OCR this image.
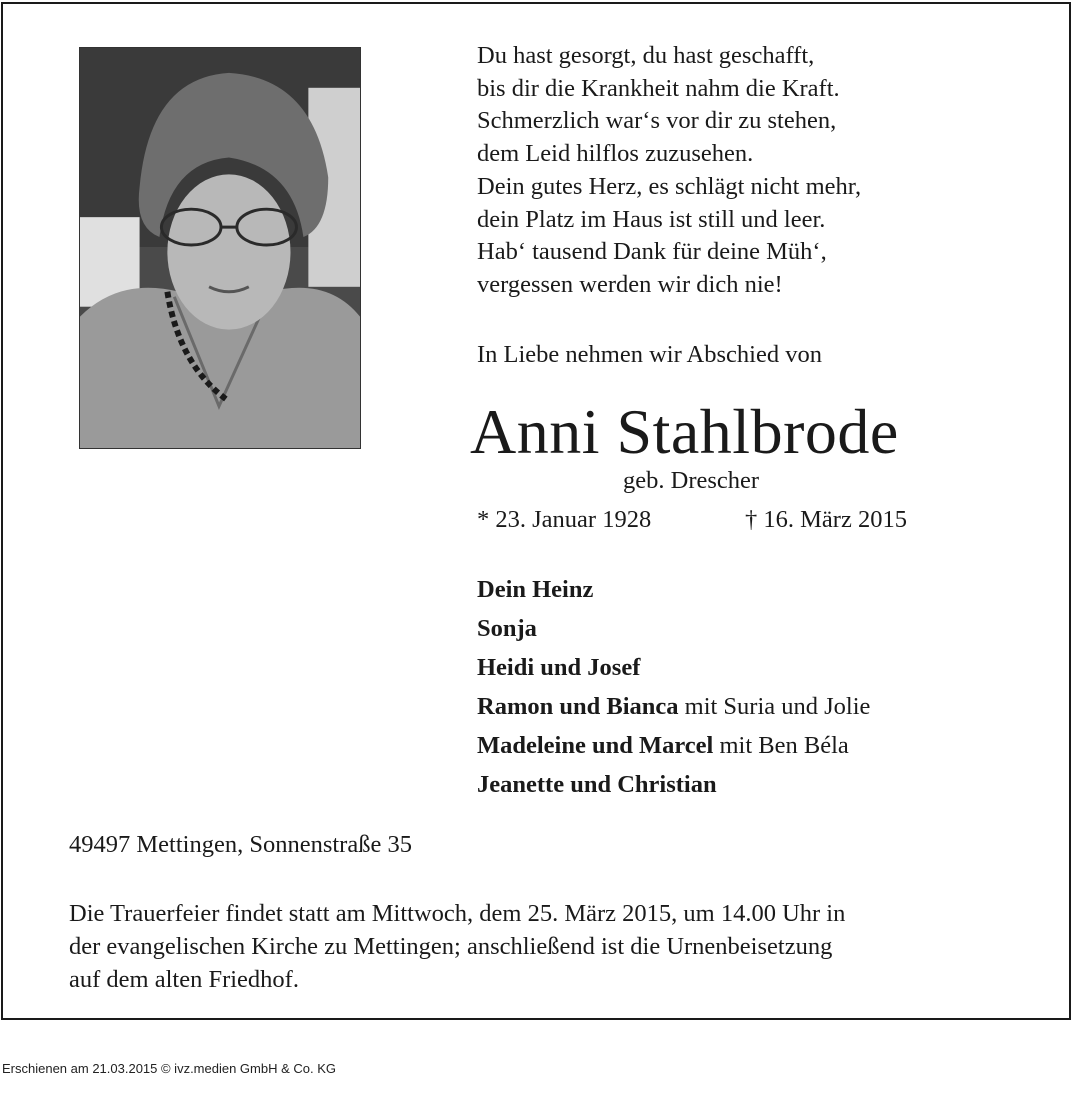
Du hast gesorgt, du hast geschafft,
bis dir die Krankheit nahm die Kraft.
Schmerzlich war‘s vor dir zu stehen,
dem Leid hilflos zuzusehen.
Dein gutes Herz, es schlägt nicht mehr,
dein Platz im Haus ist still und leer.
Hab‘ tausend Dank für deine Müh‘,
vergessen werden wir dich nie!
In Liebe nehmen wir Abschied von
Anni Stahlbrode
geb. Drescher
* 23. Januar 1928	† 16. März 2015
Dein Heinz
Sonja
Heidi und Josef
Ramon und Bianca mit Suria und Jolie
Madeleine und Marcel mit Ben Béla
Jeanette und Christian
49497 Mettingen, Sonnenstraße 35
Die Trauerfeier findet statt am Mittwoch, dem 25. März 2015, um 14.00 Uhr in
der evangelischen Kirche zu Mettingen; anschließend ist die Urnenbeisetzung
auf dem alten Friedhof.
Erschienen am 21.03.2015 © ivz.medien GmbH & Co. KG
